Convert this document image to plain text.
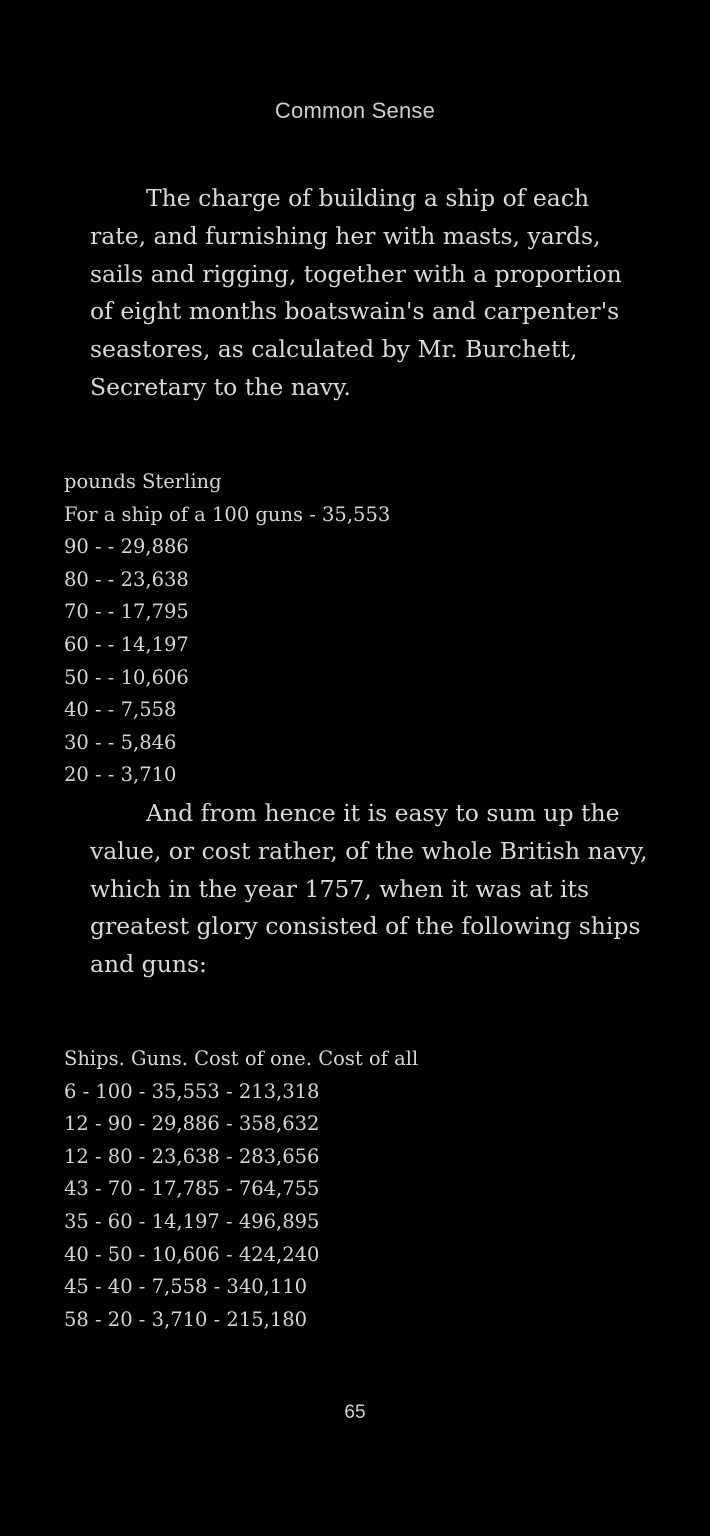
Common Sense

The charge of building a ship of each rate, and furnishing her with masts, yards, sails and rigging, together with a proportion of eight months boatswain's and carpenter's seastores, as calculated by Mr. Burchett, Secretary to the navy.

pounds Sterling
For a ship of a 100 guns - 35,553
90 - - 29,886
80 - - 23,638
70 - - 17,795
60 - - 14,197
50 - - 10,606
40 - - 7,558
30 - - 5,846
20 - - 3,710

And from hence it is easy to sum up the value, or cost rather, of the whole British navy, which in the year 1757, when it was at its greatest glory consisted of the following ships and guns:

Ships. Guns. Cost of one. Cost of all
6 - 100 - 35,553 - 213,318
12 - 90 - 29,886 - 358,632
12 - 80 - 23,638 - 283,656
43 - 70 - 17,785 - 764,755
35 - 60 - 14,197 - 496,895
40 - 50 - 10,606 - 424,240
45 - 40 - 7,558 - 340,110
58 - 20 - 3,710 - 215,180
65
